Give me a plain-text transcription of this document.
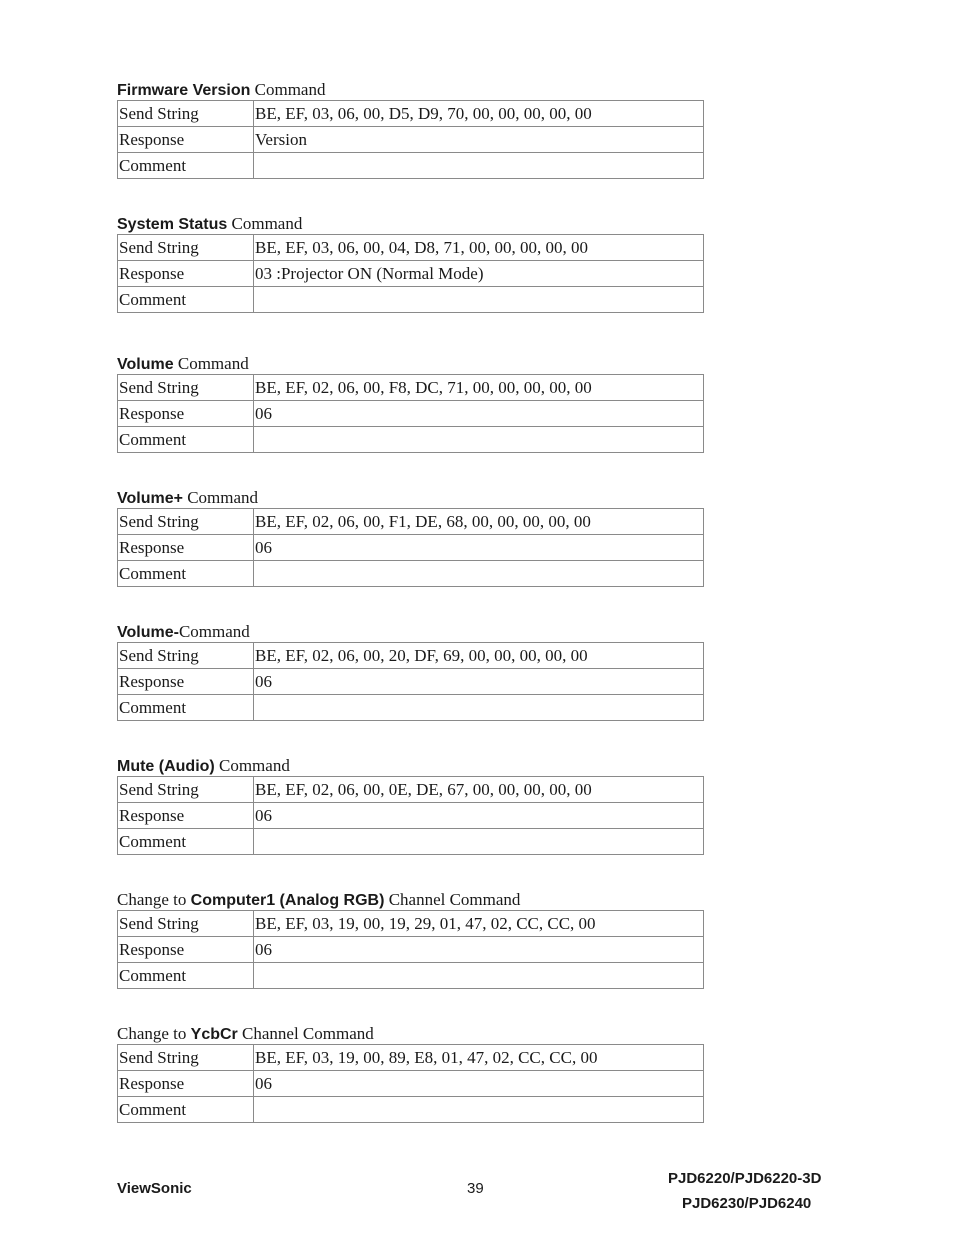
Firmware Version Command
Send String	BE, EF, 03, 06, 00, D5, D9, 70, 00, 00, 00, 00, 00
Response	Version
Comment	
System Status Command
Send String	BE, EF, 03, 06, 00, 04, D8, 71, 00, 00, 00, 00, 00
Response	03 :Projector ON (Normal Mode)
Comment	
Volume Command
Send String	BE, EF, 02, 06, 00, F8, DC, 71, 00, 00, 00, 00, 00
Response	06
Comment	
Volume+ Command
Send String	BE, EF, 02, 06, 00, F1, DE, 68, 00, 00, 00, 00, 00
Response	06
Comment	
Volume-Command
Send String	BE, EF, 02, 06, 00, 20, DF, 69, 00, 00, 00, 00, 00
Response	06
Comment	
Mute (Audio) Command
Send String	BE, EF, 02, 06, 00, 0E, DE, 67, 00, 00, 00, 00, 00
Response	06
Comment	
Change to Computer1 (Analog RGB) Channel Command
Send String	BE, EF, 03, 19, 00, 19, 29, 01, 47, 02, CC, CC, 00
Response	06
Comment	
Change to YcbCr Channel Command
Send String	BE, EF, 03, 19, 00, 89, E8, 01, 47, 02, CC, CC, 00
Response	06
Comment	
ViewSonic	39
PJD6220/PJD6220-3D
PJD6230/PJD6240
